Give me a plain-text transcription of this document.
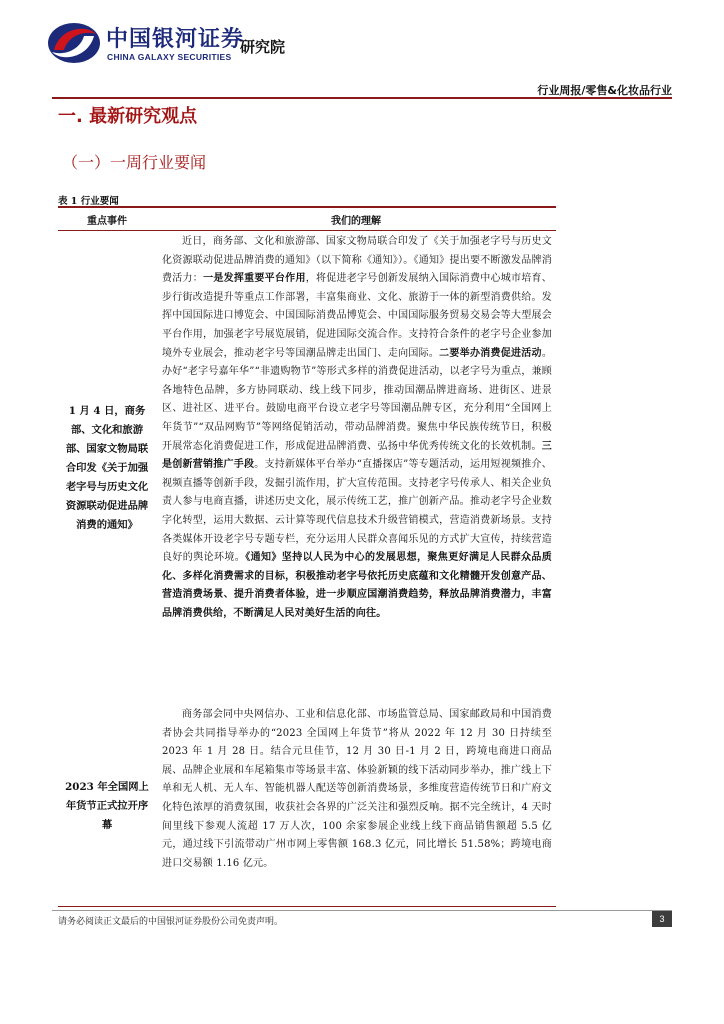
中国银河证券
CHINA GALAXY SECURITIES
研究院
行业周报/零售&化妆品行业
一. 最新研究观点
（一）一周行业要闻
表 1 行业要闻
重点事件	我们的理解
1 月 4 日，商务部、文化和旅游部、国家文物局联合印发《关于加强老字号与历史文化资源联动促进品牌消费的通知》

近日，商务部、文化和旅游部、国家文物局联合印发了《关于加强老字号与历史文化资源联动促进品牌消费的通知》（以下简称《通知》）。《通知》提出要不断激发品牌消费活力：一是发挥重要平台作用，将促进老字号创新发展纳入国际消费中心城市培育、步行街改造提升等重点工作部署，丰富集商业、文化、旅游于一体的新型消费供给。发挥中国国际进口博览会、中国国际消费品博览会、中国国际服务贸易交易会等大型展会平台作用，加强老字号展览展销，促进国际交流合作。支持符合条件的老字号企业参加境外专业展会，推动老字号等国潮品牌走出国门、走向国际。二要举办消费促进活动。办好“老字号嘉年华”“非遗购物节”等形式多样的消费促进活动，以老字号为重点，兼顾各地特色品牌，多方协同联动、线上线下同步，推动国潮品牌进商场、进街区、进景区、进社区、进平台。鼓励电商平台设立老字号等国潮品牌专区，充分利用“全国网上年货节”“双品网购节”等网络促销活动，带动品牌消费。聚焦中华民族传统节日，积极开展常态化消费促进工作，形成促进品牌消费、弘扬中华优秀传统文化的长效机制。三是创新营销推广手段。支持新媒体平台举办“直播探店”等专题活动，运用短视频推介、视频直播等创新手段，发掘引流作用，扩大宣传范围。支持老字号传承人、相关企业负责人参与电商直播，讲述历史文化，展示传统工艺，推广创新产品。推动老字号企业数字化转型，运用大数据、云计算等现代信息技术升级营销模式，营造消费新场景。支持各类媒体开设老字号专题专栏，充分运用人民群众喜闻乐见的方式扩大宣传，持续营造良好的舆论环境。《通知》坚持以人民为中心的发展思想，聚焦更好满足人民群众品质化、多样化消费需求的目标，积极推动老字号依托历史底蕴和文化精髓开发创意产品、营造消费场景、提升消费者体验，进一步顺应国潮消费趋势，释放品牌消费潜力，丰富品牌消费供给，不断满足人民对美好生活的向往。

2023 年全国网上年货节正式拉开序幕

商务部会同中央网信办、工业和信息化部、市场监管总局、国家邮政局和中国消费者协会共同指导举办的“2023 全国网上年货节”将从 2022 年 12 月 30 日持续至 2023 年 1 月 28 日。结合元旦佳节，12 月 30 日-1 月 2 日，跨境电商进口商品展、品牌企业展和车尾箱集市等场景丰富、体验新颖的线下活动同步举办，推广线上下单和无人机、无人车、智能机器人配送等创新消费场景，多维度营造传统节日和广府文化特色浓厚的消费氛围，收获社会各界的广泛关注和强烈反响。据不完全统计，4 天时间里线下参观人流超 17 万人次，100 余家参展企业线上线下商品销售额超 5.5 亿元，通过线下引流带动广州市网上零售额 168.3 亿元，同比增长 51.58%；跨境电商进口交易额 1.16 亿元。

请务必阅读正文最后的中国银河证券股份公司免责声明。	3
